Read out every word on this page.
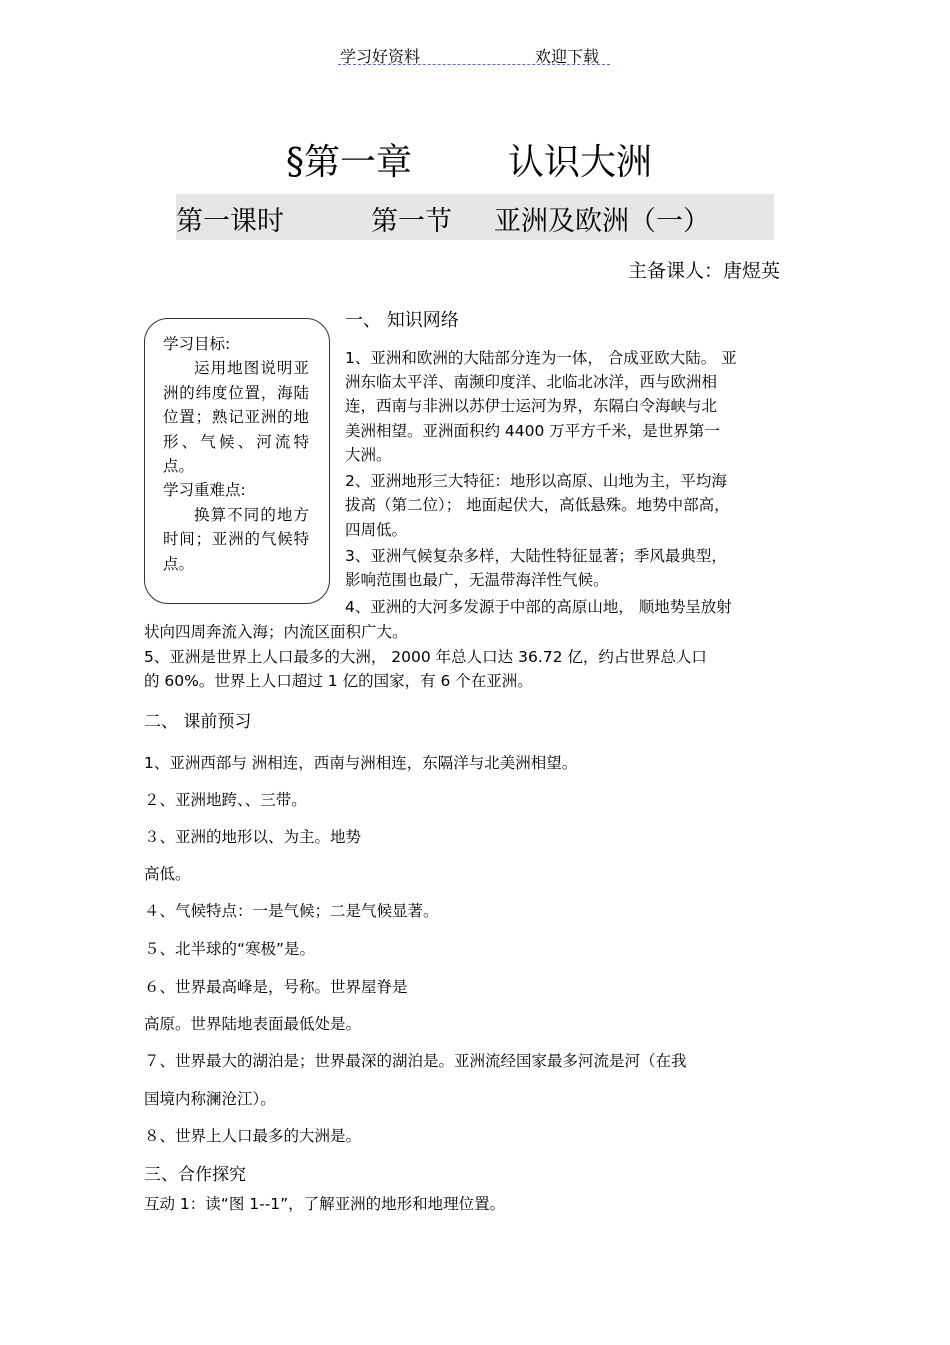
学习好资料	欢迎下载
§第一章	认识大洲
第一课时	第一节 亚洲及欧洲（一）
主备课人：唐煜英
学习目标:
运用地图说明亚洲的纬度位置，海陆位置；熟记亚洲的地形、气候、河流特点。
学习重难点:
换算不同的地方时间；亚洲的气候特点。
一、 知识网络
1、亚洲和欧洲的大陆部分连为一体， 合成亚欧大陆。 亚
洲东临太平洋、南濒印度洋、北临北冰洋，西与欧洲相
连，西南与非洲以苏伊士运河为界，东隔白令海峡与北
美洲相望。亚洲面积约 4400 万平方千米，是世界第一
大洲。
2、亚洲地形三大特征：地形以高原、山地为主，平均海
拔高（第二位）； 地面起伏大，高低悬殊。地势中部高，
四周低。
3、亚洲气候复杂多样，大陆性特征显著；季风最典型，
影响范围也最广，无温带海洋性气候。
4、亚洲的大河多发源于中部的高原山地， 顺地势呈放射
状向四周奔流入海；内流区面积广大。
5、亚洲是世界上人口最多的大洲， 2000 年总人口达 36.72 亿，约占世界总人口
的 60%。世界上人口超过 1 亿的国家，有 6 个在亚洲。
二、 课前预习
1、亚洲西部与 洲相连，西南与洲相连，东隔洋与北美洲相望。
２、亚洲地跨、、三带。
３、亚洲的地形以、为主。地势
高低。
４、气候特点：一是气候；二是气候显著。
５、北半球的“寒极”是。
６、世界最高峰是，号称。世界屋脊是
高原。世界陆地表面最低处是。
７、世界最大的湖泊是；世界最深的湖泊是。亚洲流经国家最多河流是河（在我
国境内称澜沧江）。
８、世界上人口最多的大洲是。
三、合作探究
互动 1：读“图 1--1”，了解亚洲的地形和地理位置。
